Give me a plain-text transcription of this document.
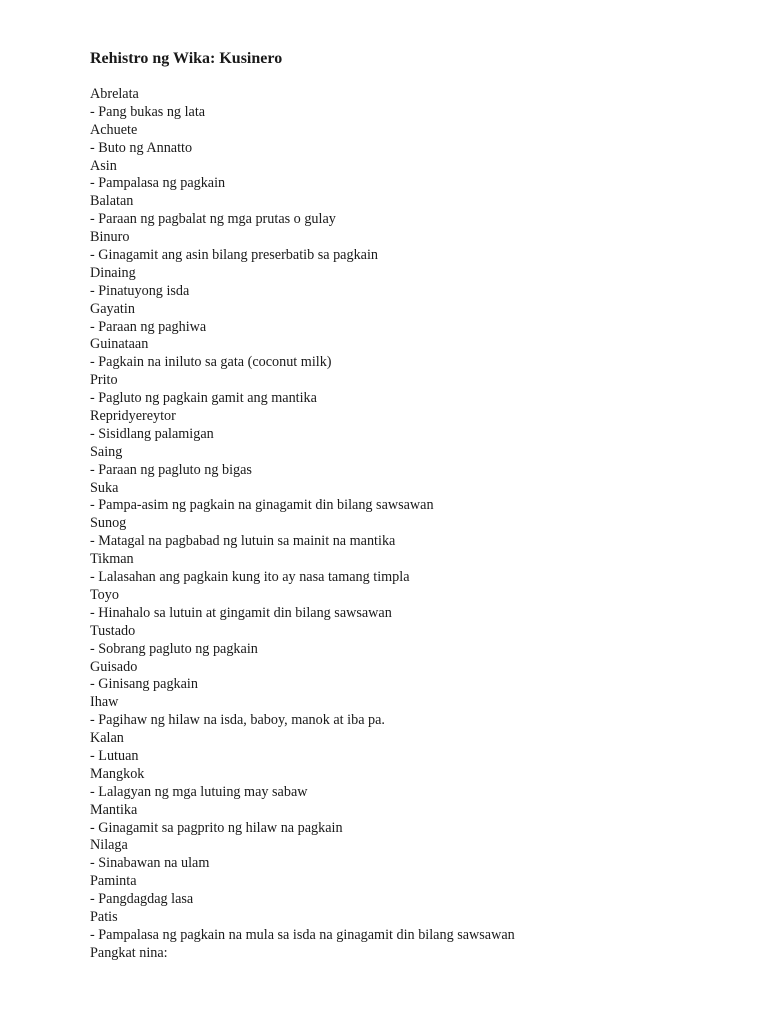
Rehistro ng Wika: Kusinero
Abrelata
- Pang bukas ng lata
Achuete
- Buto ng Annatto
Asin
- Pampalasa ng pagkain
Balatan
- Paraan ng pagbalat ng mga prutas o gulay
Binuro
- Ginagamit ang asin bilang preserbatib sa pagkain
Dinaing
- Pinatuyong isda
Gayatin
- Paraan ng paghiwa
Guinataan
- Pagkain na iniluto sa gata (coconut milk)
Prito
- Pagluto ng pagkain gamit ang mantika
Repridyereytor
- Sisidlang palamigan
Saing
- Paraan ng pagluto ng bigas
Suka
- Pampa-asim ng pagkain na ginagamit din bilang sawsawan
Sunog
- Matagal na pagbabad ng lutuin sa mainit na mantika
Tikman
- Lalasahan ang pagkain kung ito ay nasa tamang timpla
Toyo
- Hinahalo sa lutuin at gingamit din bilang sawsawan
Tustado
- Sobrang pagluto ng pagkain
Guisado
- Ginisang pagkain
Ihaw
- Pagihaw ng hilaw na isda, baboy, manok at iba pa.
Kalan
- Lutuan
Mangkok
- Lalagyan ng mga lutuing may sabaw
Mantika
- Ginagamit sa pagprito ng hilaw na pagkain
Nilaga
- Sinabawan na ulam
Paminta
- Pangdagdag lasa
Patis
- Pampalasa ng pagkain na mula sa isda na ginagamit din bilang sawsawan
Pangkat nina:
